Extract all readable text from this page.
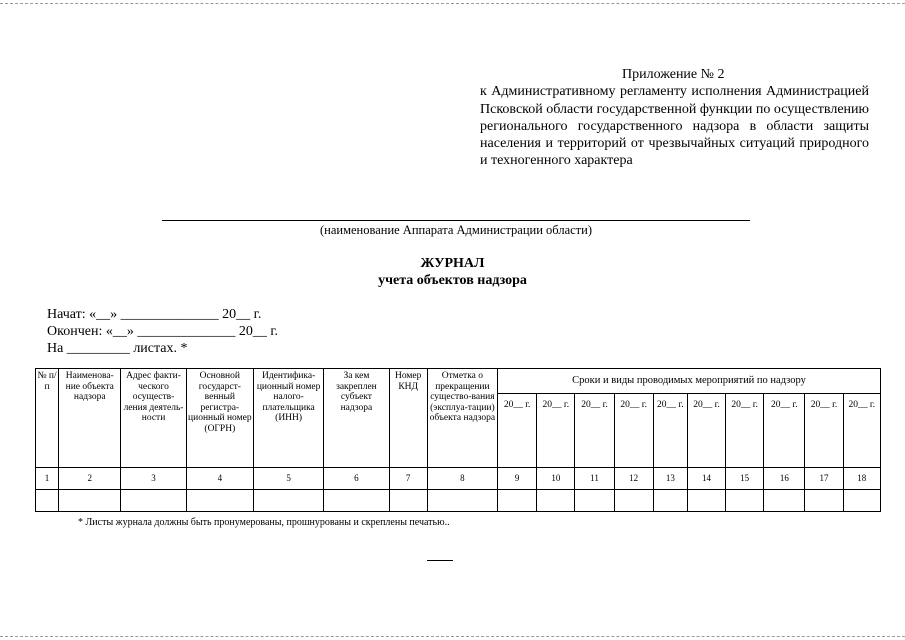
Приложение № 2
к Административному регламенту исполнения Администрацией Псковской области государственной функции по осуществлению регионального государственного надзора в области защиты населения и территорий от чрезвычайных ситуаций природного и техногенного характера
(наименование Аппарата Администрации области)
ЖУРНАЛ
учета объектов надзора
Начат: «__» ______________ 20__ г.
Окончен: «__» ______________ 20__ г.
На _________ листах. *
№ п/п	Наименова-ние объекта надзора	Адрес факти-ческого осуществ-ления деятель-ности	Основной государст-венный регистра-ционный номер (ОГРН)	Идентифика-ционный номер налого-плательщика (ИНН)	За кем закреплен субъект надзора	Номер КНД	Отметка о прекращении существо-вания (эксплуа-тации) объекта надзора	Сроки и виды проводимых мероприятий по надзору									
								20__ г.	20__ г.	20__ г.	20__ г.	20__ г.	20__ г.	20__ г.	20__ г.	20__ г.	20__ г.
1	2	3	4	5	6	7	8	9	10	11	12	13	14	15	16	17	18

* Листы журнала должны быть пронумерованы, прошнурованы и скреплены печатью..
